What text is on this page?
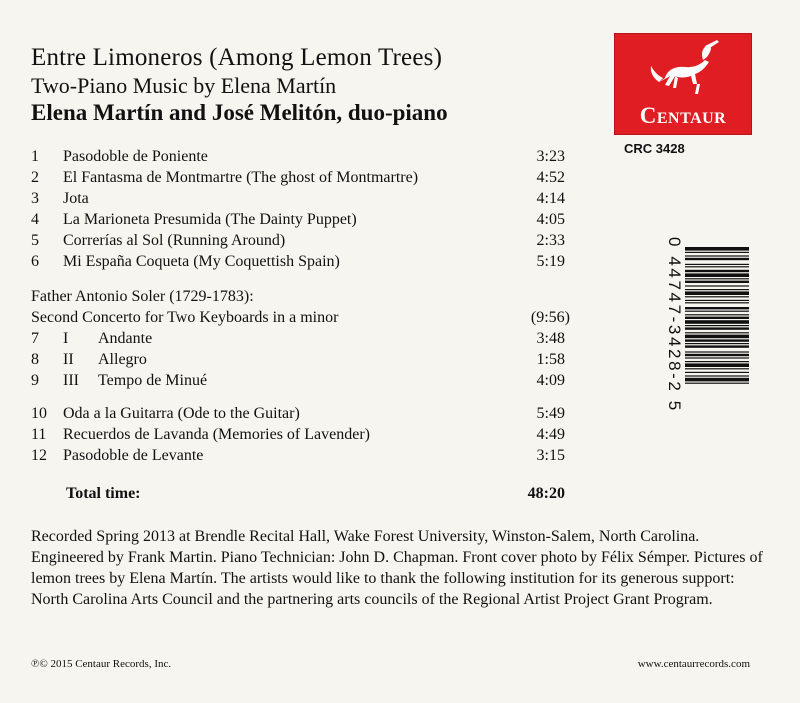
Entre Limoneros (Among Lemon Trees)
Two-Piano Music by Elena Martín
Elena Martín and José Melitón, duo-piano	Centaur
CRC 3428
1 Pasodoble de Poniente	3:23
2 El Fantasma de Montmartre (The ghost of Montmartre)	4:52
3 Jota	4:14
4 La Marioneta Presumida (The Dainty Puppet)	4:05
5 Correrías al Sol (Running Around)	2:33
6 Mi España Coqueta (My Coquettish Spain)	5:19
Father Antonio Soler (1729-1783):
Second Concerto for Two Keyboards in a minor	(9:56)
7 I Andante	3:48
8 II Allegro	1:58
9 III Tempo de Minué	4:09
10 Oda a la Guitarra (Ode to the Guitar)	5:49
11 Recuerdos de Lavanda (Memories of Lavender)	4:49
12 Pasodoble de Levante	3:15
Total time:	48:20
0 44747-3428-2 5
Recorded Spring 2013 at Brendle Recital Hall, Wake Forest University, Winston-Salem, North Carolina. Engineered by Frank Martin. Piano Technician: John D. Chapman. Front cover photo by Félix Sémper. Pictures of lemon trees by Elena Martín. The artists would like to thank the following institution for its generous support: North Carolina Arts Council and the partnering arts councils of the Regional Artist Project Grant Program.
℗© 2015 Centaur Records, Inc.	www.centaurrecords.com
